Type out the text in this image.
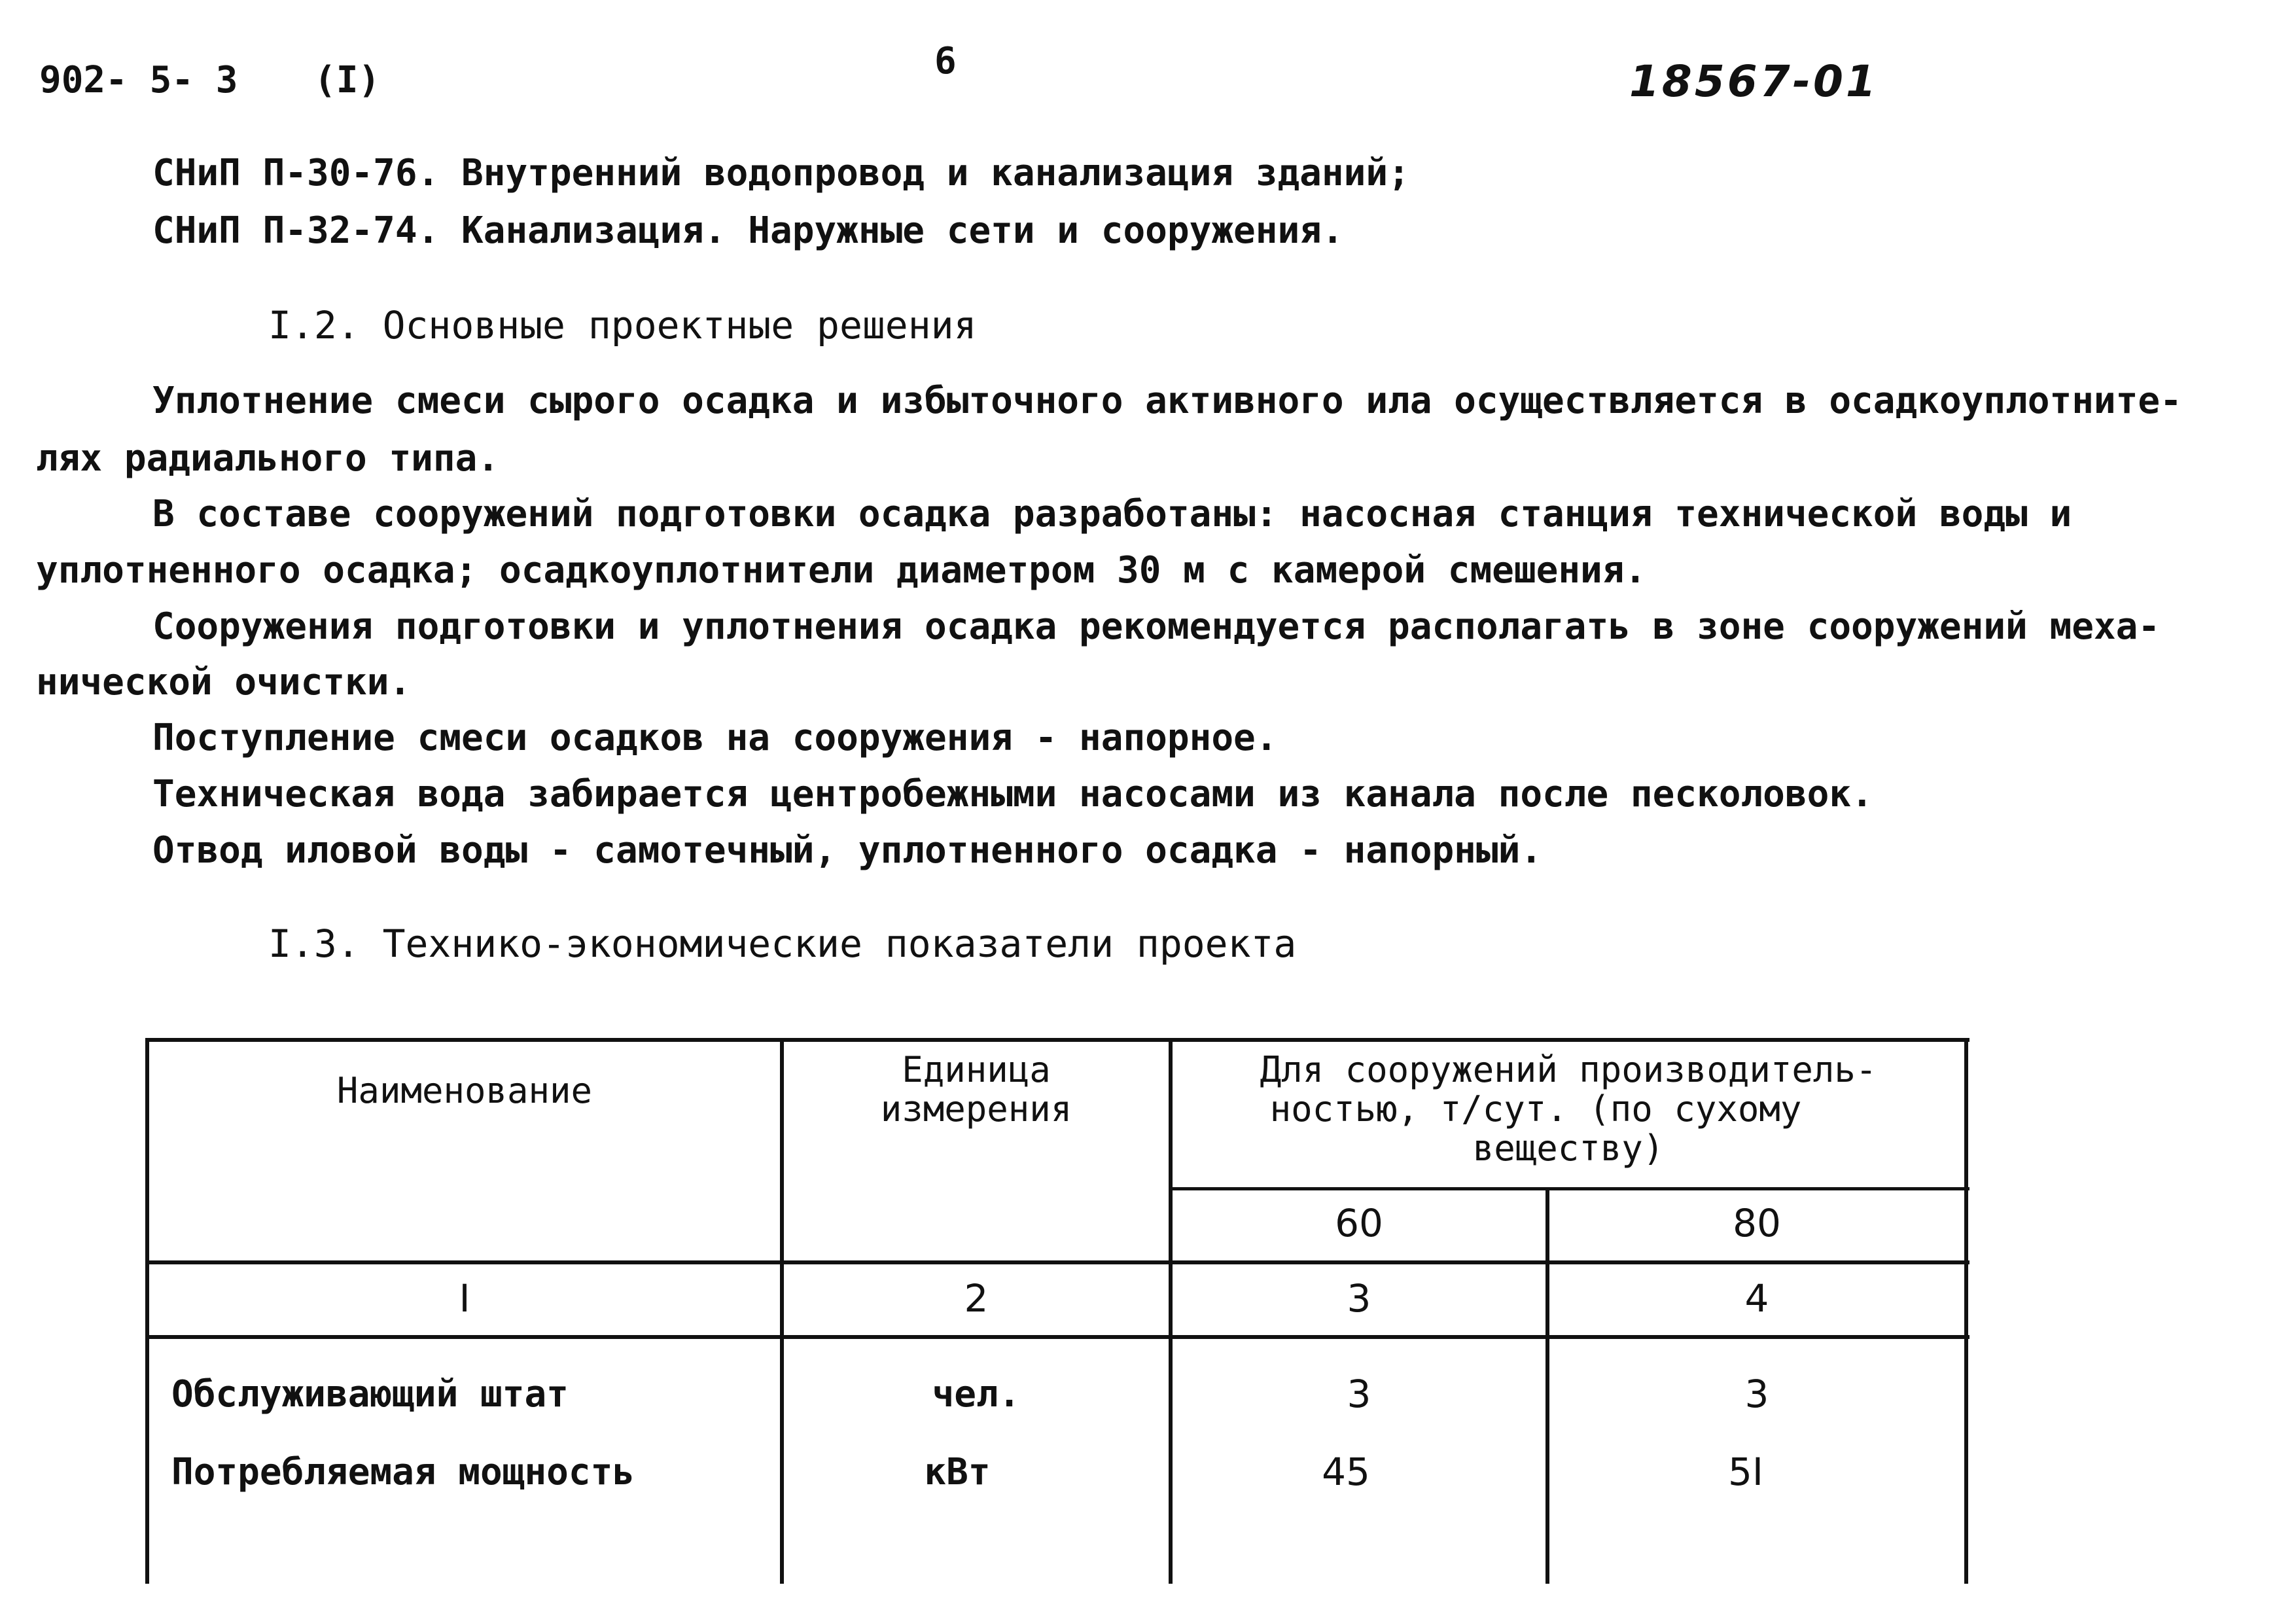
902- 5- 3 (I)	6	18567-01
СНиП П-30-76. Внутренний водопровод и канализация зданий;
СНиП П-32-74. Канализация. Наружные сети и сооружения.
I.2. Основные проектные решения
Уплотнение смеси сырого осадка и избыточного активного ила осуществляется в осадкоуплотните-
лях радиального типа.
В составе сооружений подготовки осадка разработаны: насосная станция технической воды и
уплотненного осадка; осадкоуплотнители диаметром 30 м с камерой смешения.
Сооружения подготовки и уплотнения осадка рекомендуется располагать в зоне сооружений меха-
нической очистки.
Поступление смеси осадков на сооружения - напорное.
Техническая вода забирается центробежными насосами из канала после песколовок.
Отвод иловой воды - самотечный, уплотненного осадка - напорный.
I.3. Технико-экономические показатели проекта
Наименование
Единица
измерения
Для сооружений производитель-
ностью, т/сут. (по сухому
веществу)
60	80
I	2	3	4
Обслуживающий штат	чел.	3	3
Потребляемая мощность	кВт	45	5I
